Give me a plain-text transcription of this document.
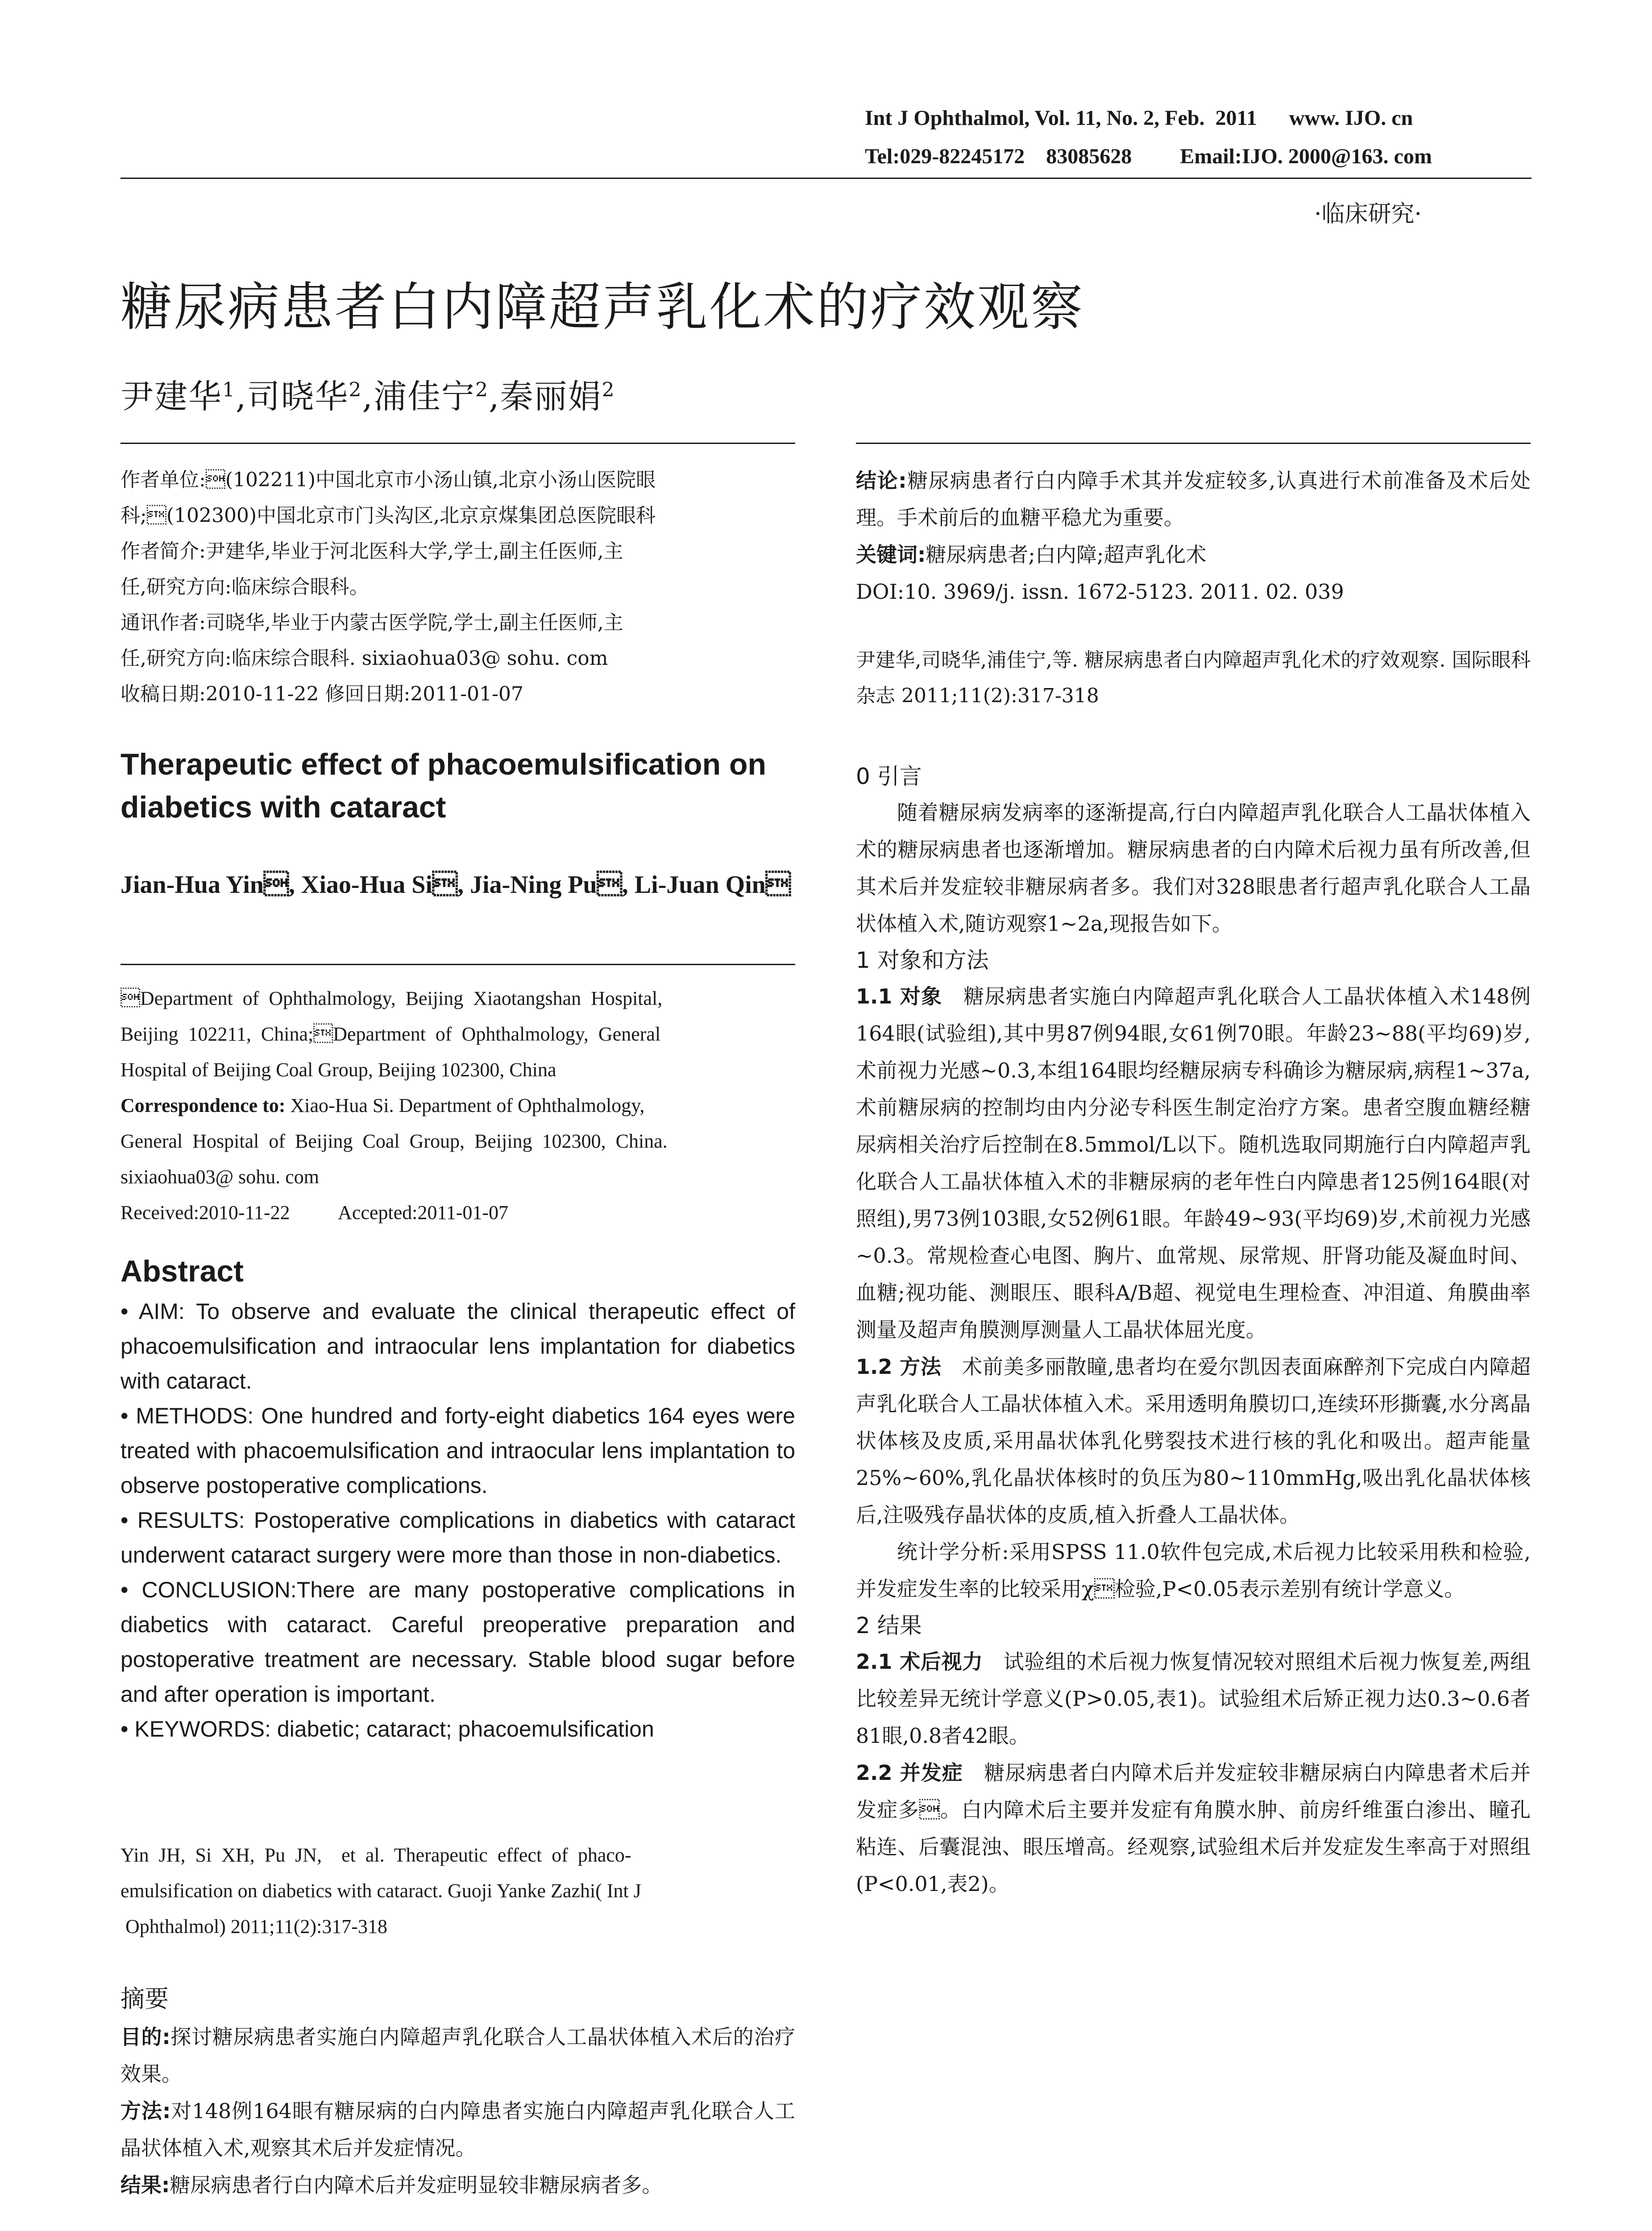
Int J Ophthalmol, Vol. 11, No. 2, Feb.  2011      www. IJO. cn
Tel:029-82245172    83085628         Email:IJO. 2000@163. com
·临床研究·
糖尿病患者白内障超声乳化术的疗效观察
尹建华$^1$,司晓华$^2$,浦佳宁$^2$,秦丽娟$^2$

作者单位:(102211)中国北京市小汤山镇,北京小汤山医院眼

科;(102300)中国北京市门头沟区,北京京煤集团总医院眼科

作者简介:尹建华,毕业于河北医科大学,学士,副主任医师,主

任,研究方向:临床综合眼科。

通讯作者:司晓华,毕业于内蒙古医学院,学士,副主任医师,主

任,研究方向:临床综合眼科. sixiaohua03@ sohu. com

收稿日期:2010-11-22 修回日期:2011-01-07

Therapeutic effect of phacoemulsification on diabetics with cataract
Jian-Hua Yin, Xiao-Hua Si, Jia-Ning Pu, Li-Juan Qin
Department  of  Ophthalmology,  Beijing  Xiaotangshan  Hospital,
Beijing  102211,  China;Department  of  Ophthalmology,  General
Hospital of Beijing Coal Group, Beijing 102300, China
Correspondence to: Xiao-Hua Si. Department of Ophthalmology,
General  Hospital  of  Beijing  Coal  Group,  Beijing  102300,  China.
sixiaohua03@ sohu. com
Received:2010-11-22          Accepted:2011-01-07
Abstract

• AIM: To observe and evaluate the clinical therapeutic effect of phacoemulsification and intraocular lens implantation for diabetics with cataract.

• METHODS: One hundred and forty-eight diabetics 164 eyes were treated with phacoemulsification and intraocular lens implantation to observe postoperative complications.

• RESULTS: Postoperative complications in diabetics with cataract underwent cataract surgery were more than those in non-diabetics.

• CONCLUSION:There are many postoperative complications in diabetics with cataract. Careful preoperative preparation and postoperative treatment are necessary. Stable blood sugar before and after operation is important.

• KEYWORDS: diabetic; cataract; phacoemulsification

Yin  JH,  Si  XH,  Pu  JN,    et  al.  Therapeutic  effect  of  phaco-
emulsification on diabetics with cataract. Guoji Yanke Zazhi( Int J
Ophthalmol) 2011;11(2):317-318
摘要

目的:探讨糖尿病患者实施白内障超声乳化联合人工晶状体植入术后的治疗效果。

方法:对148例164眼有糖尿病的白内障患者实施白内障超声乳化联合人工晶状体植入术,观察其术后并发症情况。

结果:糖尿病患者行白内障术后并发症明显较非糖尿病者多。

结论:糖尿病患者行白内障手术其并发症较多,认真进行术前准备及术后处理。手术前后的血糖平稳尤为重要。

关键词:糖尿病患者;白内障;超声乳化术

DOI:10. 3969/j. issn. 1672-5123. 2011. 02. 039

尹建华,司晓华,浦佳宁,等. 糖尿病患者白内障超声乳化术的疗效观察. 国际眼科杂志 2011;11(2):317-318

0 引言

随着糖尿病发病率的逐渐提高,行白内障超声乳化联合人工晶状体植入术的糖尿病患者也逐渐增加。糖尿病患者的白内障术后视力虽有所改善,但其术后并发症较非糖尿病者多。我们对328眼患者行超声乳化联合人工晶状体植入术,随访观察1~2a,现报告如下。

1 对象和方法

1.1 对象 糖尿病患者实施白内障超声乳化联合人工晶状体植入术148例164眼(试验组),其中男87例94眼,女61例70眼。年龄23~88(平均69)岁,术前视力光感~0.3,本组164眼均经糖尿病专科确诊为糖尿病,病程1~37a,术前糖尿病的控制均由内分泌专科医生制定治疗方案。患者空腹血糖经糖尿病相关治疗后控制在8.5mmol/L以下。随机选取同期施行白内障超声乳化联合人工晶状体植入术的非糖尿病的老年性白内障患者125例164眼(对照组),男73例103眼,女52例61眼。年龄49~93(平均69)岁,术前视力光感~0.3。常规检查心电图、胸片、血常规、尿常规、肝肾功能及凝血时间、血糖;视功能、测眼压、眼科A/B超、视觉电生理检查、冲泪道、角膜曲率测量及超声角膜测厚测量人工晶状体屈光度。

1.2 方法 术前美多丽散瞳,患者均在爱尔凯因表面麻醉剂下完成白内障超声乳化联合人工晶状体植入术。采用透明角膜切口,连续环形撕囊,水分离晶状体核及皮质,采用晶状体乳化劈裂技术进行核的乳化和吸出。超声能量25%~60%,乳化晶状体核时的负压为80~110mmHg,吸出乳化晶状体核后,注吸残存晶状体的皮质,植入折叠人工晶状体。

统计学分析:采用SPSS 11.0软件包完成,术后视力比较采用秩和检验,并发症发生率的比较采用χ检验,P<0.05表示差别有统计学意义。

2 结果

2.1 术后视力 试验组的术后视力恢复情况较对照组术后视力恢复差,两组比较差异无统计学意义(P>0.05,表1)。试验组术后矫正视力达0.3~0.6者81眼,0.8者42眼。

2.2 并发症 糖尿病患者白内障术后并发症较非糖尿病白内障患者术后并发症多。白内障术后主要并发症有角膜水肿、前房纤维蛋白渗出、瞳孔粘连、后囊混浊、眼压增高。经观察,试验组术后并发症发生率高于对照组(P<0.01,表2)。
